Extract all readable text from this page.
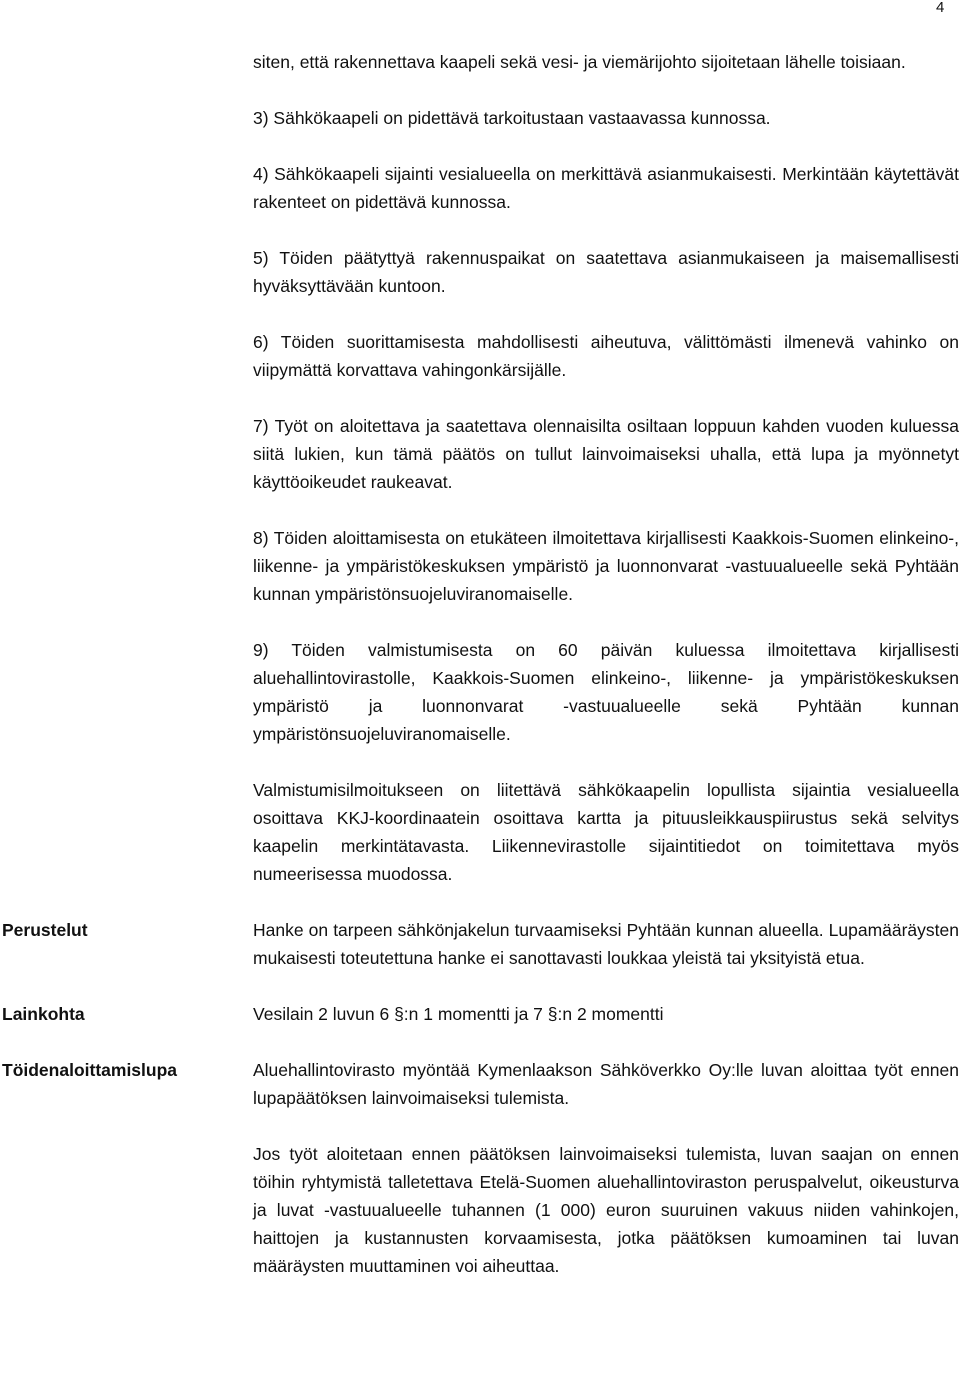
4

siten, että rakennettava kaapeli sekä vesi- ja viemärijohto sijoitetaan lähelle toisiaan.

3) Sähkökaapeli on pidettävä tarkoitustaan vastaavassa kunnossa.

4) Sähkökaapeli sijainti vesialueella on merkittävä asianmukaisesti. Merkintään käytettävät rakenteet on pidettävä kunnossa.

5) Töiden päätyttyä rakennuspaikat on saatettava asianmukaiseen ja maisemallisesti hyväksyttävään kuntoon.

6) Töiden suorittamisesta mahdollisesti aiheutuva, välittömästi ilmenevä vahinko on viipymättä korvattava vahingonkärsijälle.

7) Työt on aloitettava ja saatettava olennaisilta osiltaan loppuun kahden vuoden kuluessa siitä lukien, kun tämä päätös on tullut lainvoimaiseksi uhalla, että lupa ja myönnetyt käyttöoikeudet raukeavat.

8) Töiden aloittamisesta on etukäteen ilmoitettava kirjallisesti Kaakkois-Suomen elinkeino-, liikenne- ja ympäristökeskuksen ympäristö ja luonnonvarat -vastuualueelle sekä Pyhtään kunnan ympäristönsuojeluviranomaiselle.

9) Töiden valmistumisesta on 60 päivän kuluessa ilmoitettava kirjallisesti aluehallintovirastolle, Kaakkois-Suomen elinkeino-, liikenne- ja ympäristökeskuksen ympäristö ja luonnonvarat -vastuualueelle sekä Pyhtään kunnan ympäristönsuojeluviranomaiselle.

Valmistumisilmoitukseen on liitettävä sähkökaapelin lopullista sijaintia vesialueella osoittava KKJ-koordinaatein osoittava kartta ja pituusleikkauspiirustus sekä selvitys kaapelin merkintätavasta. Liikennevirastolle sijaintitiedot on toimitettava myös numeerisessa muodossa.

Perustelut	Hanke on tarpeen sähkönjakelun turvaamiseksi Pyhtään kunnan alueella. Lupamääräysten mukaisesti toteutettuna hanke ei sanottavasti loukkaa yleistä tai yksityistä etua.

Lainkohta	Vesilain 2 luvun 6 §:n 1 momentti ja 7 §:n 2 momentti

Töidenaloittamislupa	Aluehallintovirasto myöntää Kymenlaakson Sähköverkko Oy:lle luvan aloittaa työt ennen lupapäätöksen lainvoimaiseksi tulemista.

Jos työt aloitetaan ennen päätöksen lainvoimaiseksi tulemista, luvan saajan on ennen töihin ryhtymistä talletettava Etelä-Suomen aluehallintoviraston peruspalvelut, oikeusturva ja luvat -vastuualueelle tuhannen (1 000) euron suuruinen vakuus niiden vahinkojen, haittojen ja kustannusten korvaamisesta, jotka päätöksen kumoaminen tai luvan määräysten muuttaminen voi aiheuttaa.
